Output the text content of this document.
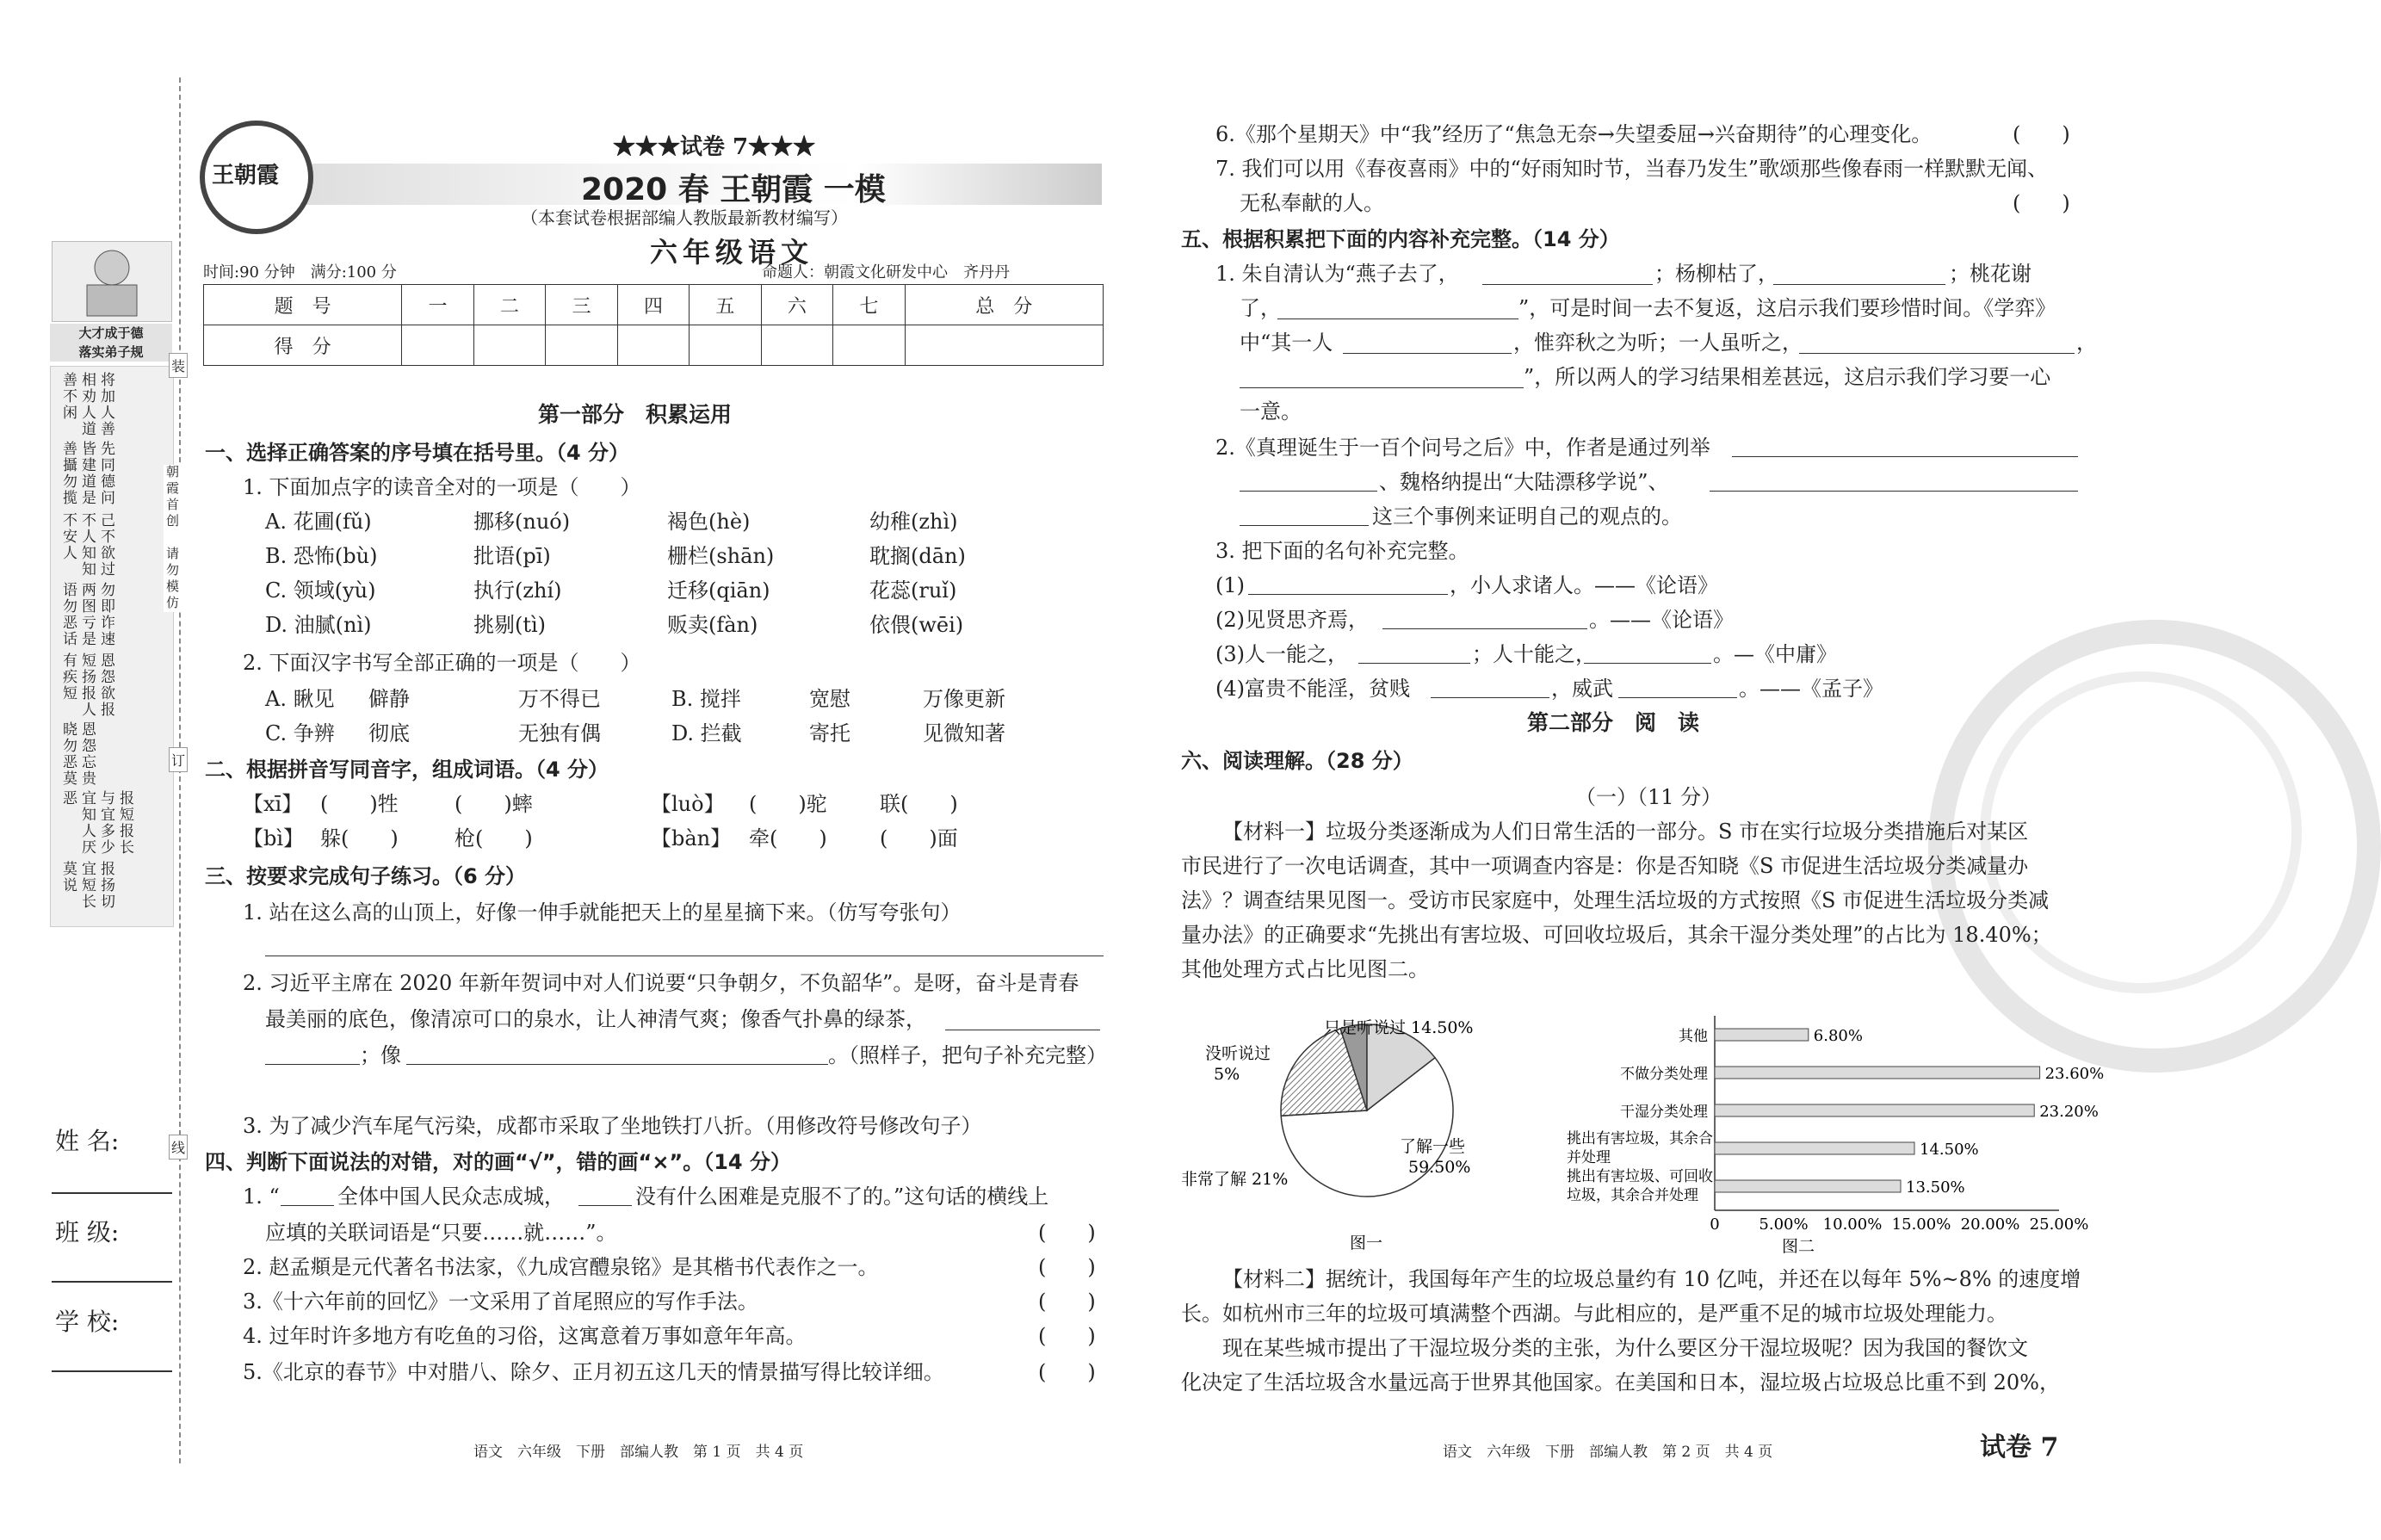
大才成于德
落实弟子规
将加人善相劝人道善不闲
先同德问皆建道是善攝勿揽
己不欲过不人知知不安人
勿即诈速两图亏是语勿恶话
恩怨欲报短扬报人有疾短
恩怨忘贵晓勿恶莫
报短报长与宜多少宜知人厌恶
报扬切宜短长莫说
装
朝霞首创　请勿模仿
订
线
姓 名:
班 级:
学 校:
王朝霞
★★★试卷 7★★★
2020 春 王朝霞 一模
（本套试卷根据部编人教版最新教材编写）
六年级语文
时间:90 分钟　满分:100 分	命题人：朝霞文化研发中心　齐丹丹
题　号	一	二	三	四	五	六	七	总　分
得　分								
第一部分　积累运用
一、选择正确答案的序号填在括号里。（4 分）
1. 下面加点字的读音全对的一项是（　　）
A. 花圃(fǔ)	挪移(nuó)	褐色(hè)	幼稚(zhì)
B. 恐怖(bù)	批语(pī)	栅栏(shān)	耽搁(dān)
C. 领域(yù)	执行(zhí)	迁移(qiān)	花蕊(ruǐ)
D. 油腻(nì)	挑剔(tì)	贩卖(fàn)	依偎(wēi)
2. 下面汉字书写全部正确的一项是（　　）
A. 瞅见 僻静	万不得已	B. 搅拌	宽慰	万像更新
C. 争辨 彻底	无独有偶	D. 拦截	寄托	见微知著
二、根据拼音写同音字，组成词语。（4 分）
【xī】 (　　)牲	(　　)蟀	【luò】 (　　)驼	联(　　)
【bì】 躲(　　)	枪(　　)	【bàn】 牵(　　)	(　　)面
三、按要求完成句子练习。（6 分）
1. 站在这么高的山顶上，好像一伸手就能把天上的星星摘下来。（仿写夸张句）
2. 习近平主席在 2020 年新年贺词中对人们说要“只争朝夕，不负韶华”。是呀，奋斗是青春
最美丽的底色，像清凉可口的泉水，让人神清气爽；像香气扑鼻的绿茶，
；像	。（照样子，把句子补充完整）
3. 为了减少汽车尾气污染，成都市采取了坐地铁打八折。（用修改符号修改句子）
四、判断下面说法的对错，对的画“√”，错的画“×”。（14 分）
1. “	全体中国人民众志成城，	没有什么困难是克服不了的。”这句话的横线上
应填的关联词语是“只要……就……”。	(　　)
2. 赵孟頫是元代著名书法家，《九成宫醴泉铭》是其楷书代表作之一。	(　　)
3.《十六年前的回忆》一文采用了首尾照应的写作手法。	(　　)
4. 过年时许多地方有吃鱼的习俗，这寓意着万事如意年年高。	(　　)
5.《北京的春节》中对腊八、除夕、正月初五这几天的情景描写得比较详细。	(　　)
语文　六年级　下册　部编人教　第 1 页　共 4 页
6.《那个星期天》中“我”经历了“焦急无奈→失望委屈→兴奋期待”的心理变化。	(　　)
7. 我们可以用《春夜喜雨》中的“好雨知时节，当春乃发生”歌颂那些像春雨一样默默无闻、
无私奉献的人。	(　　)
五、根据积累把下面的内容补充完整。（14 分）
1. 朱自清认为“燕子去了，	；杨柳枯了，	；桃花谢
了，	”，可是时间一去不复返，这启示我们要珍惜时间。《学弈》
中“其一人	，惟弈秋之为听；一人虽听之，	，
”，所以两人的学习结果相差甚远，这启示我们学习要一心
一意。
2.《真理诞生于一百个问号之后》中，作者是通过列举
、魏格纳提出“大陆漂移学说”、
这三个事例来证明自己的观点的。
3. 把下面的名句补充完整。
(1)	，小人求诸人。——《论语》
(2)见贤思齐焉，	。——《论语》
(3)人一能之，	；人十能之，	。—《中庸》
(4)富贵不能淫，贫贱	，威武	。——《孟子》
第二部分　阅　读
六、阅读理解。（28 分）
（一）（11 分）
【材料一】垃圾分类逐渐成为人们日常生活的一部分。S 市在实行垃圾分类措施后对某区
市民进行了一次电话调查，其中一项调查内容是：你是否知晓《S 市促进生活垃圾分类减量办
法》？调查结果见图一。受访市民家庭中，处理生活垃圾的方式按照《S 市促进生活垃圾分类减
量办法》的正确要求“先挑出有害垃圾、可回收垃圾后，其余干湿分类处理”的占比为 18.40%；
其他处理方式占比见图二。
了解一些 59.50%
非常了解 21%
没听说过 5%
只是听说过 14.50%
图一
6.80%
23.60%
23.20%
14.50%
13.50%
其他
不做分类处理
干湿分类处理
挑出有害垃圾，其余合并处理
挑出有害垃圾、可回收垃圾，其余合并处理
0	5.00% 10.00% 15.00% 20.00% 25.00%
图二
【材料二】据统计，我国每年产生的垃圾总量约有 10 亿吨，并还在以每年 5%~8% 的速度增
长。如杭州市三年的垃圾可填满整个西湖。与此相应的，是严重不足的城市垃圾处理能力。
　　现在某些城市提出了干湿垃圾分类的主张，为什么要区分干湿垃圾呢？因为我国的餐饮文
化决定了生活垃圾含水量远高于世界其他国家。在美国和日本，湿垃圾占垃圾总比重不到 20%，
语文　六年级　下册　部编人教　第 2 页　共 4 页	试卷 7
